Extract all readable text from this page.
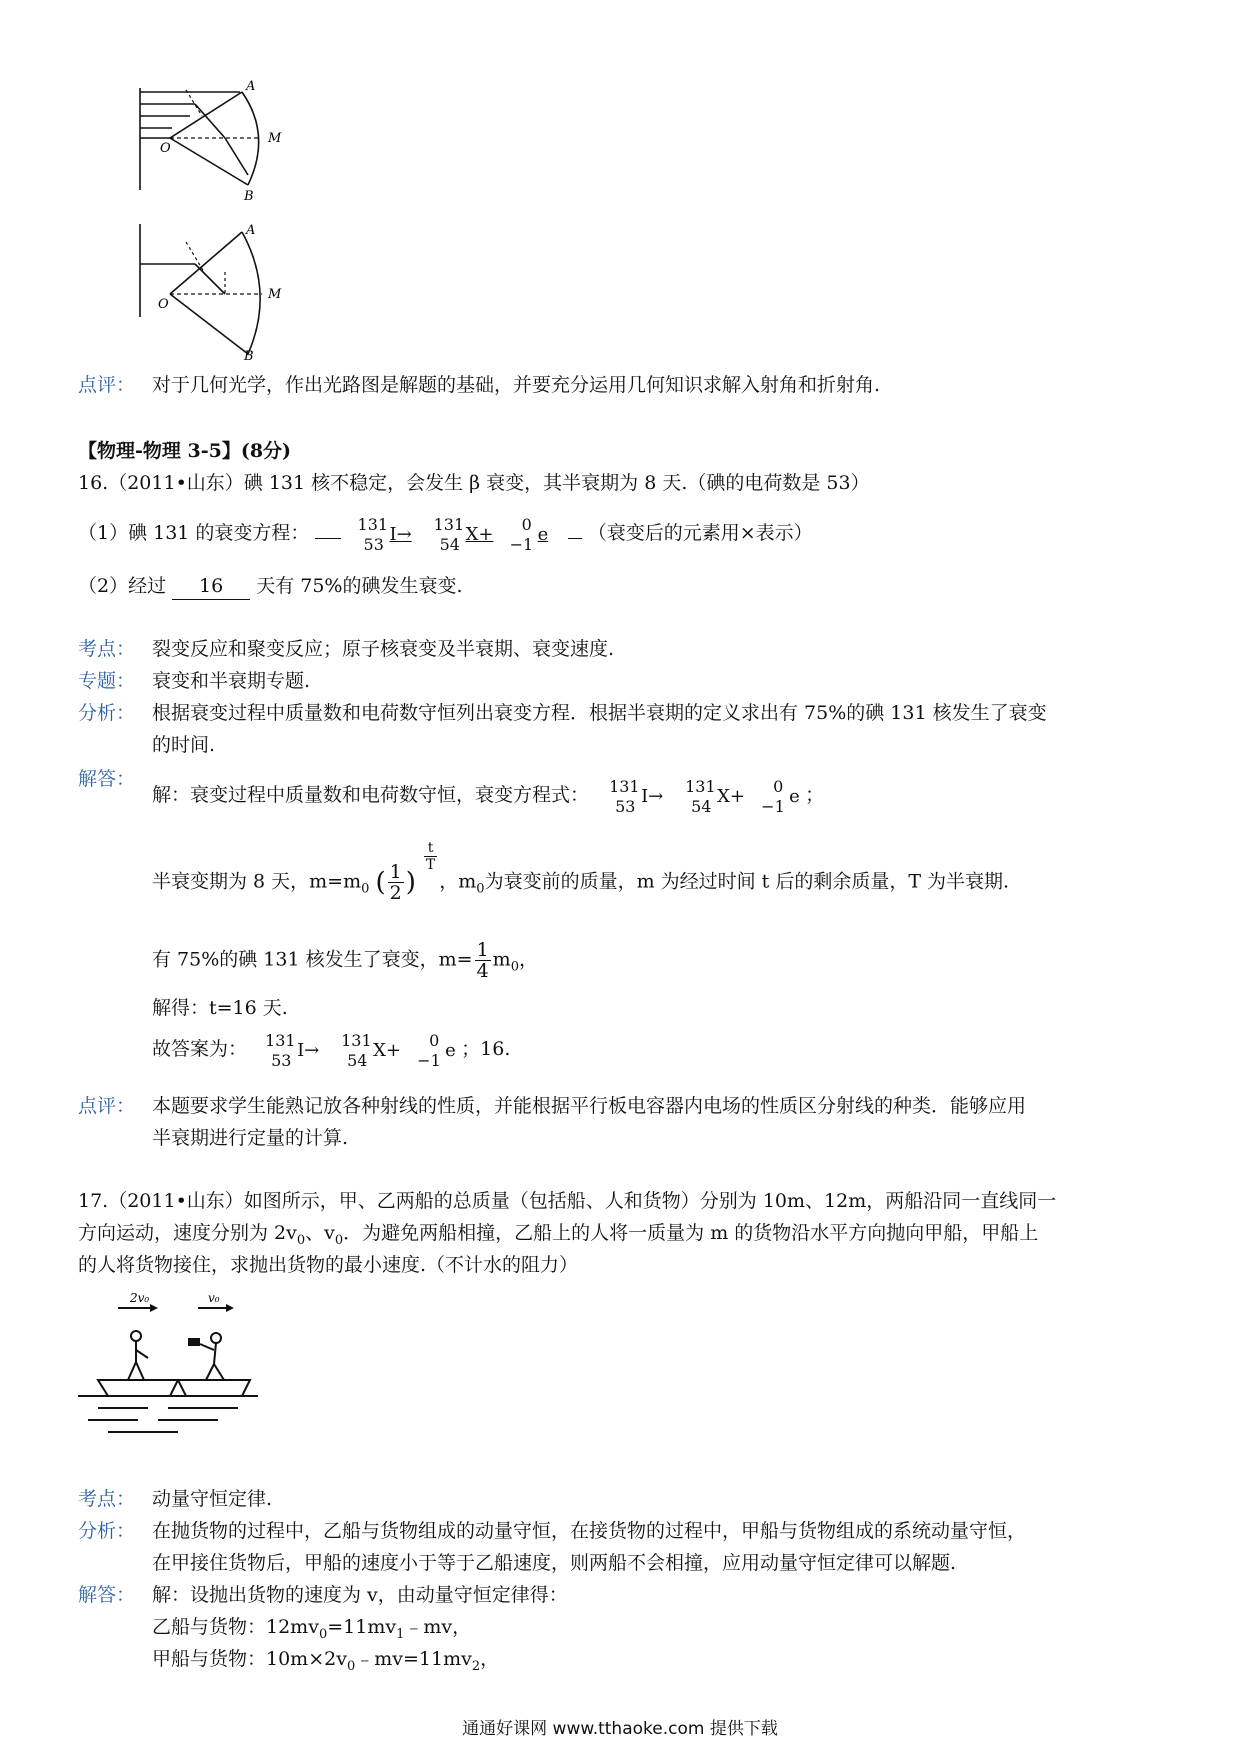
A
M
O
B
A
M
O
B
点评： 对于几何光学，作出光路图是解题的基础，并要充分运用几何知识求解入射角和折射角.
【物理-物理 3-5】(8分)
16.（2011•山东）碘 131 核不稳定，会发生 β 衰变，其半衰期为 8 天.（碘的电荷数是 53）
（1）碘 131 的衰变方程：	131
53 I→
131
54 X+
0
−1 e （衰变后的元素用×表示）
（2）经过 16 天有 75%的碘发生衰变.
考点： 裂变反应和聚变反应；原子核衰变及半衰期、衰变速度.
专题： 衰变和半衰期专题.
分析： 根据衰变过程中质量数和电荷数守恒列出衰变方程．根据半衰期的定义求出有 75%的碘 131 核发生了衰变
的时间.
解答：
解：衰变过程中质量数和电荷数守恒，衰变方程式： 131
53 I→
131
54 X+
0
−1 e ；
半衰变期为 8 天，$m=m_0$ ( $\frac{1}{2}$ )
$\frac{t}{T}$
，$m_0$为衰变前的质量，m 为经过时间 t 后的剩余质量，T 为半衰期.
有 75%的碘 131 核发生了衰变，$m= \frac{1}{4} m_0$，
解得：t=16 天.
故答案为： 131
53 I→
131
54 X+
0
−1 e ；16.
点评： 本题要求学生能熟记放各种射线的性质，并能根据平行板电容器内电场的性质区分射线的种类．能够应用
半衰期进行定量的计算.
17.（2011•山东）如图所示，甲、乙两船的总质量（包括船、人和货物）分别为 10m、12m，两船沿同一直线同一
方向运动，速度分别为 $2v_0$、$v_0$．为避免两船相撞，乙船上的人将一质量为 m 的货物沿水平方向抛向甲船，甲船上
的人将货物接住，求抛出货物的最小速度.（不计水的阻力）
2v₀	v₀
考点： 动量守恒定律.
分析： 在抛货物的过程中，乙船与货物组成的动量守恒，在接货物的过程中，甲船与货物组成的系统动量守恒，
在甲接住货物后，甲船的速度小于等于乙船速度，则两船不会相撞，应用动量守恒定律可以解题.
解答： 解：设抛出货物的速度为 v，由动量守恒定律得：
乙船与货物：$12mv_0=11mv_1﹣mv$，
甲船与货物：$10m\times 2v_0﹣mv=11mv_2$，
通通好课网 www.tthaoke.com 提供下载
